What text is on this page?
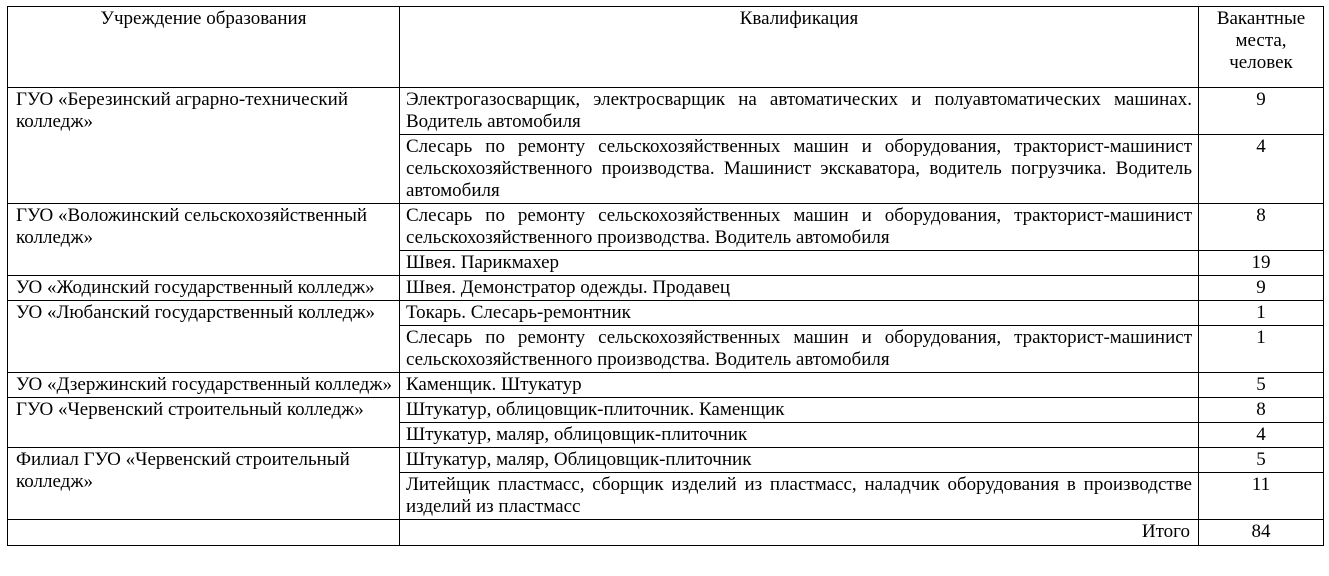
Учреждение образования	Квалификация	Вакантные места, человек
ГУО «Березинский аграрно-технический колледж»	Электрогазосварщик, электросварщик на автоматических и полуавтоматических машинах. Водитель автомобиля	9
	Слесарь по ремонту сельскохозяйственных машин и оборудования, тракторист-машинист сельскохозяйственного производства. Машинист экскаватора, водитель погрузчика. Водитель автомобиля	4
ГУО «Воложинский сельскохозяйственный колледж»	Слесарь по ремонту сельскохозяйственных машин и оборудования, тракторист-машинист сельскохозяйственного производства. Водитель автомобиля	8
	Швея. Парикмахер	19
УО «Жодинский государственный колледж»	Швея. Демонстратор одежды. Продавец	9
УО «Любанский государственный колледж»	Токарь. Слесарь-ремонтник	1
	Слесарь по ремонту сельскохозяйственных машин и оборудования, тракторист-машинист сельскохозяйственного производства. Водитель автомобиля	1
УО «Дзержинский государственный колледж»	Каменщик. Штукатур	5
ГУО «Червенский строительный колледж»	Штукатур, облицовщик-плиточник. Каменщик	8
	Штукатур, маляр, облицовщик-плиточник	4
Филиал ГУО «Червенский строительный колледж»	Штукатур, маляр, Облицовщик-плиточник	5
	Литейщик пластмасс, сборщик изделий из пластмасс, наладчик оборудования в производстве изделий из пластмасс	11
	Итого	84
